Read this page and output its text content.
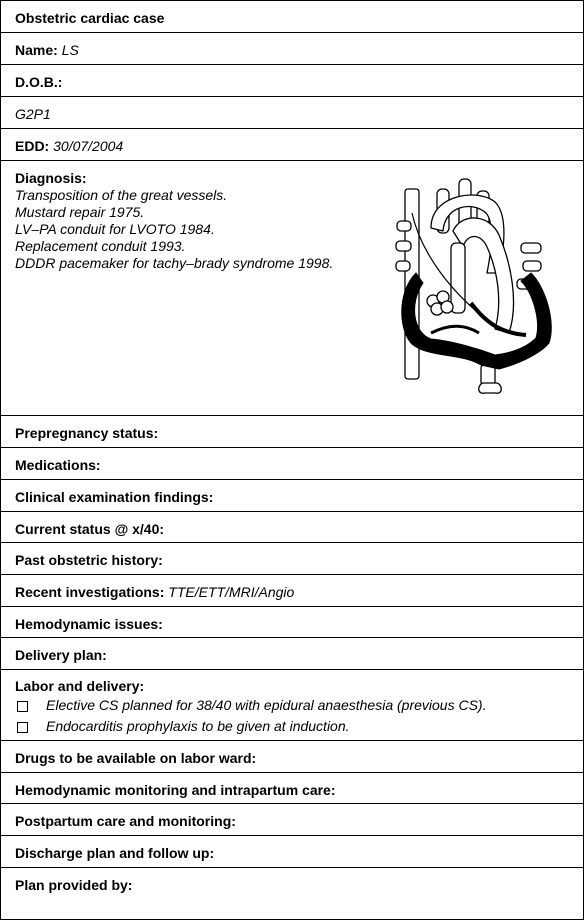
Obstetric cardiac case
Name: LS
D.O.B.:
G2P1
EDD: 30/07/2004
Diagnosis:
Transposition of the great vessels.
Mustard repair 1975.
LV–PA conduit for LVOTO 1984.
Replacement conduit 1993.
DDDR pacemaker for tachy–brady syndrome 1998.
Prepregnancy status:
Medications:
Clinical examination findings:
Current status @ x/40:
Past obstetric history:
Recent investigations: TTE/ETT/MRI/Angio
Hemodynamic issues:
Delivery plan:
Labor and delivery:
Elective CS planned for 38/40 with epidural anaesthesia (previous CS).
Endocarditis prophylaxis to be given at induction.
Drugs to be available on labor ward:
Hemodynamic monitoring and intrapartum care:
Postpartum care and monitoring:
Discharge plan and follow up:
Plan provided by:
